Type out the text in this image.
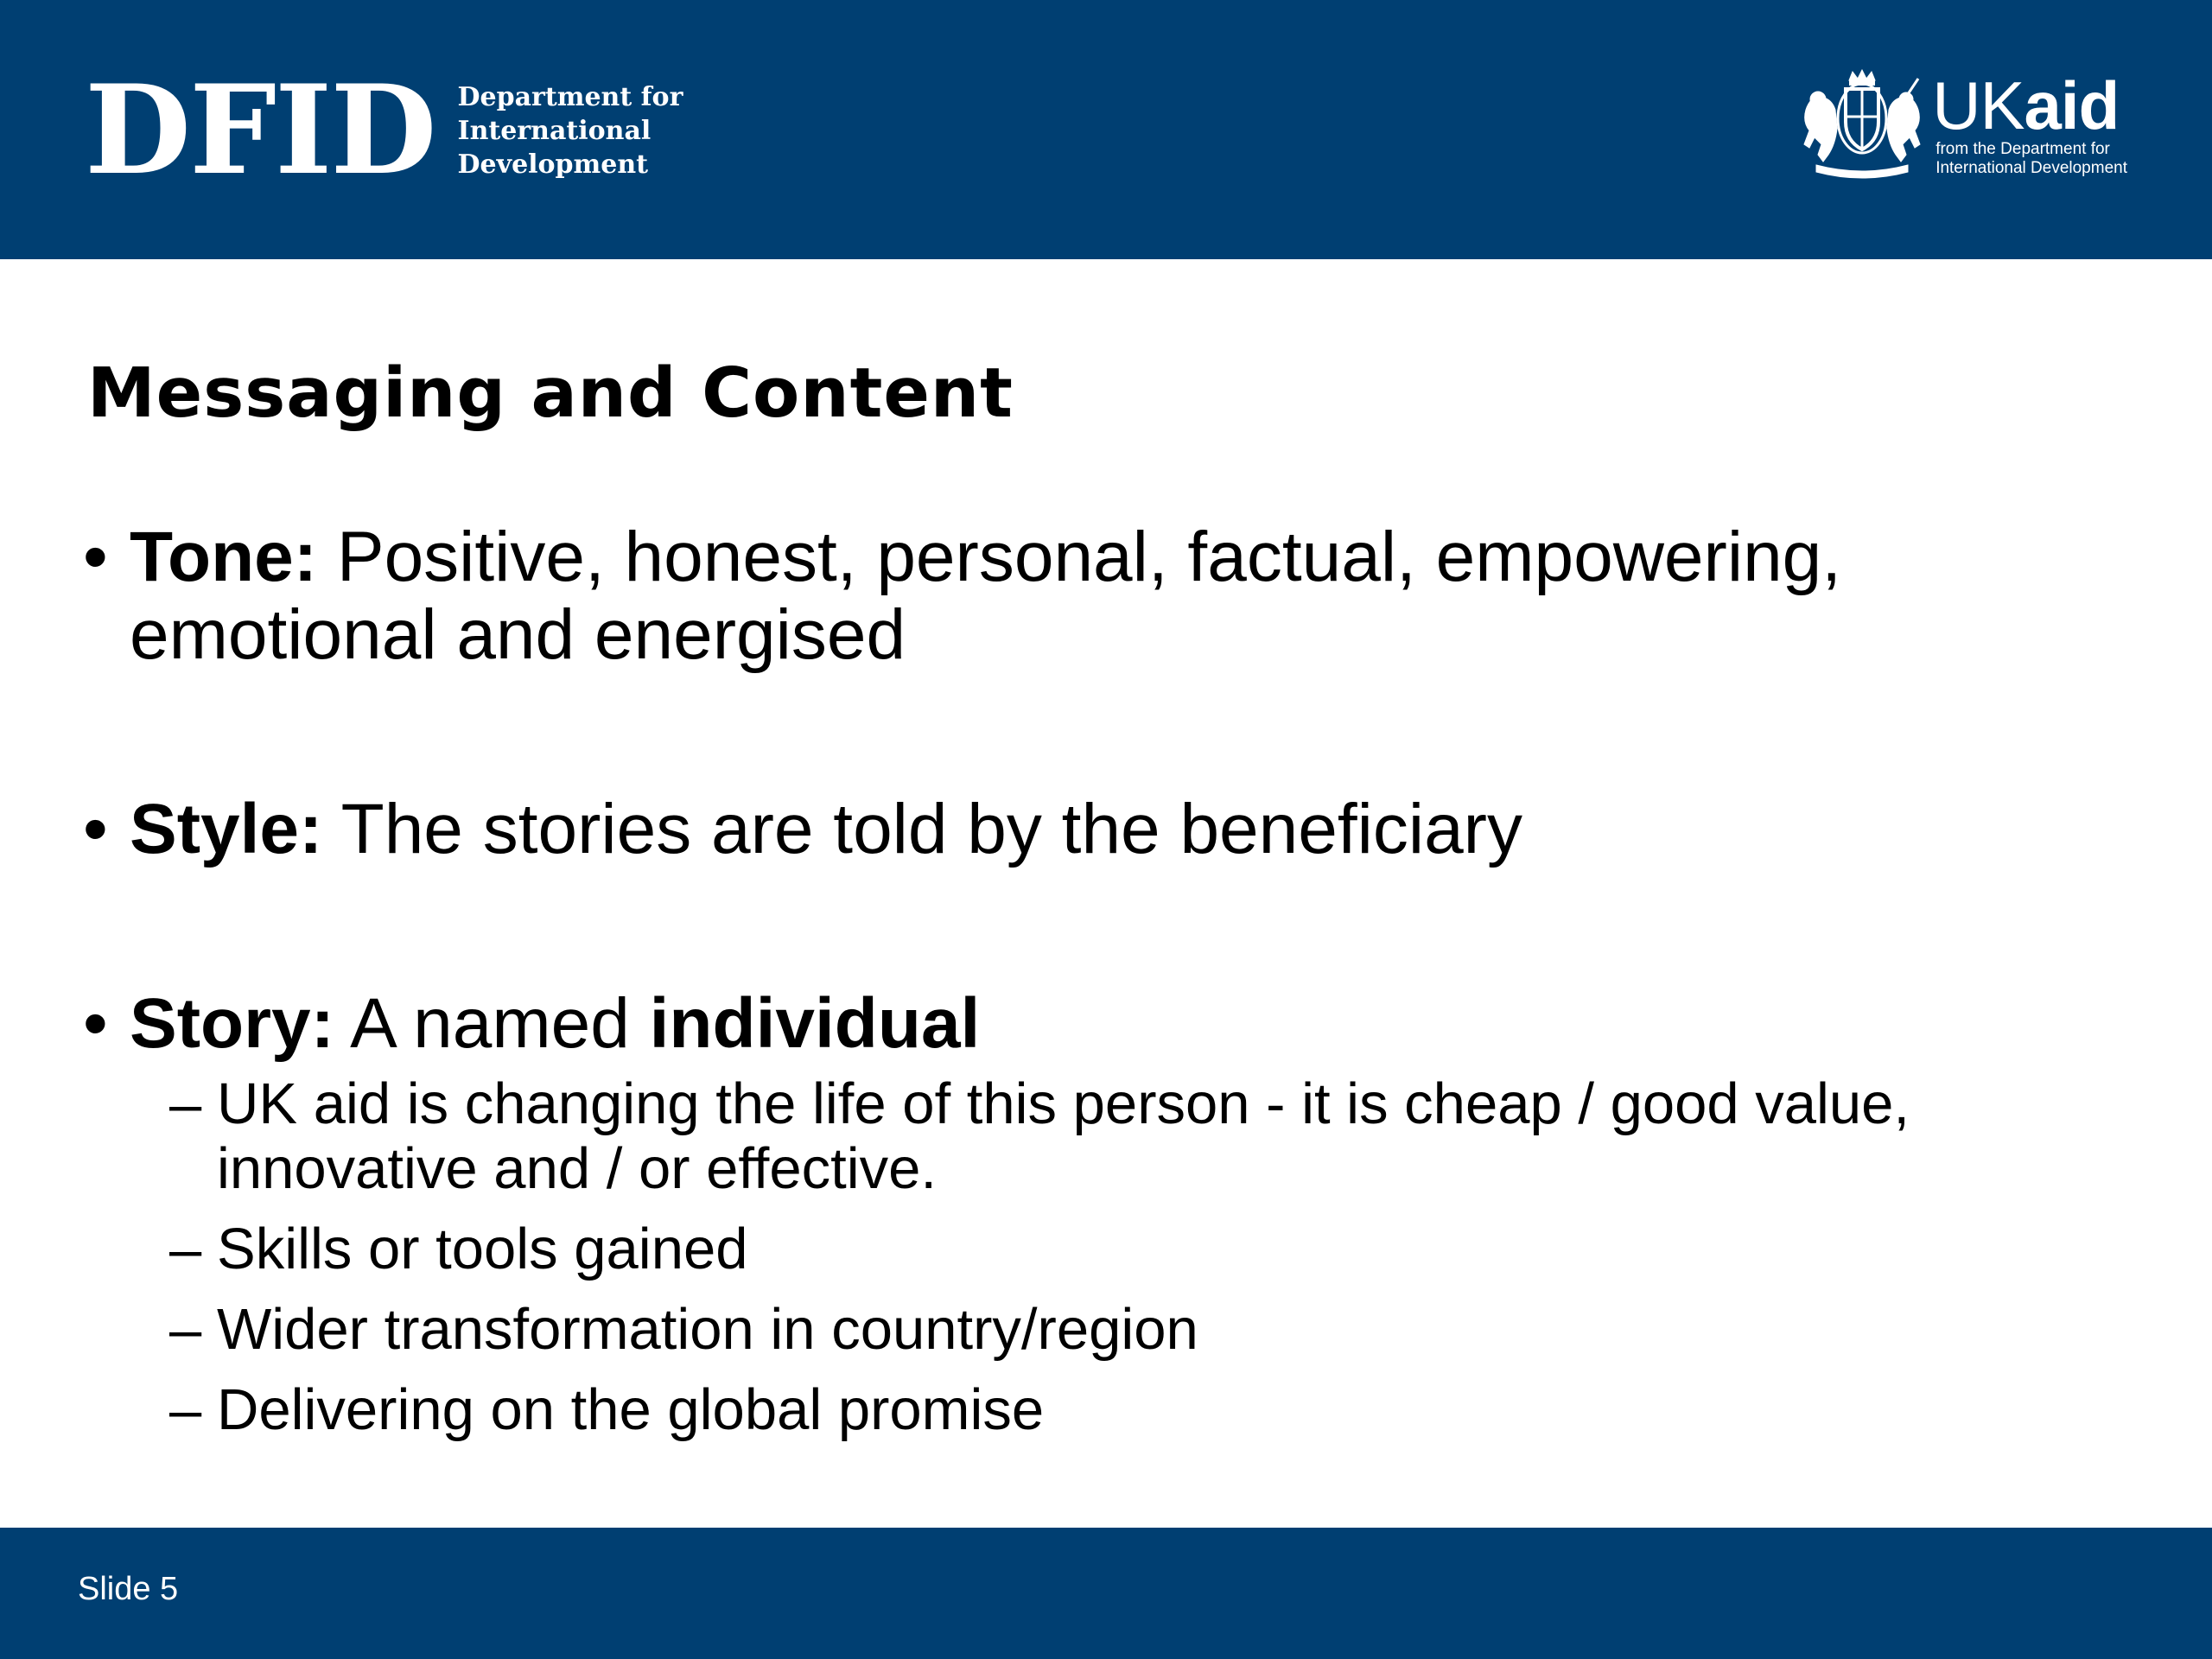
DFID Department for
International
Development
UKaid
from the Department for
International Development
Messaging and Content
• Tone: Positive, honest, personal, factual, empowering, emotional and energised
• Style: The stories are told by the beneficiary
• Story: A named individual
– UK aid is changing the life of this person - it is cheap / good value, innovative and / or effective.
– Skills or tools gained
– Wider transformation in country/region
– Delivering on the global promise
Slide 5
